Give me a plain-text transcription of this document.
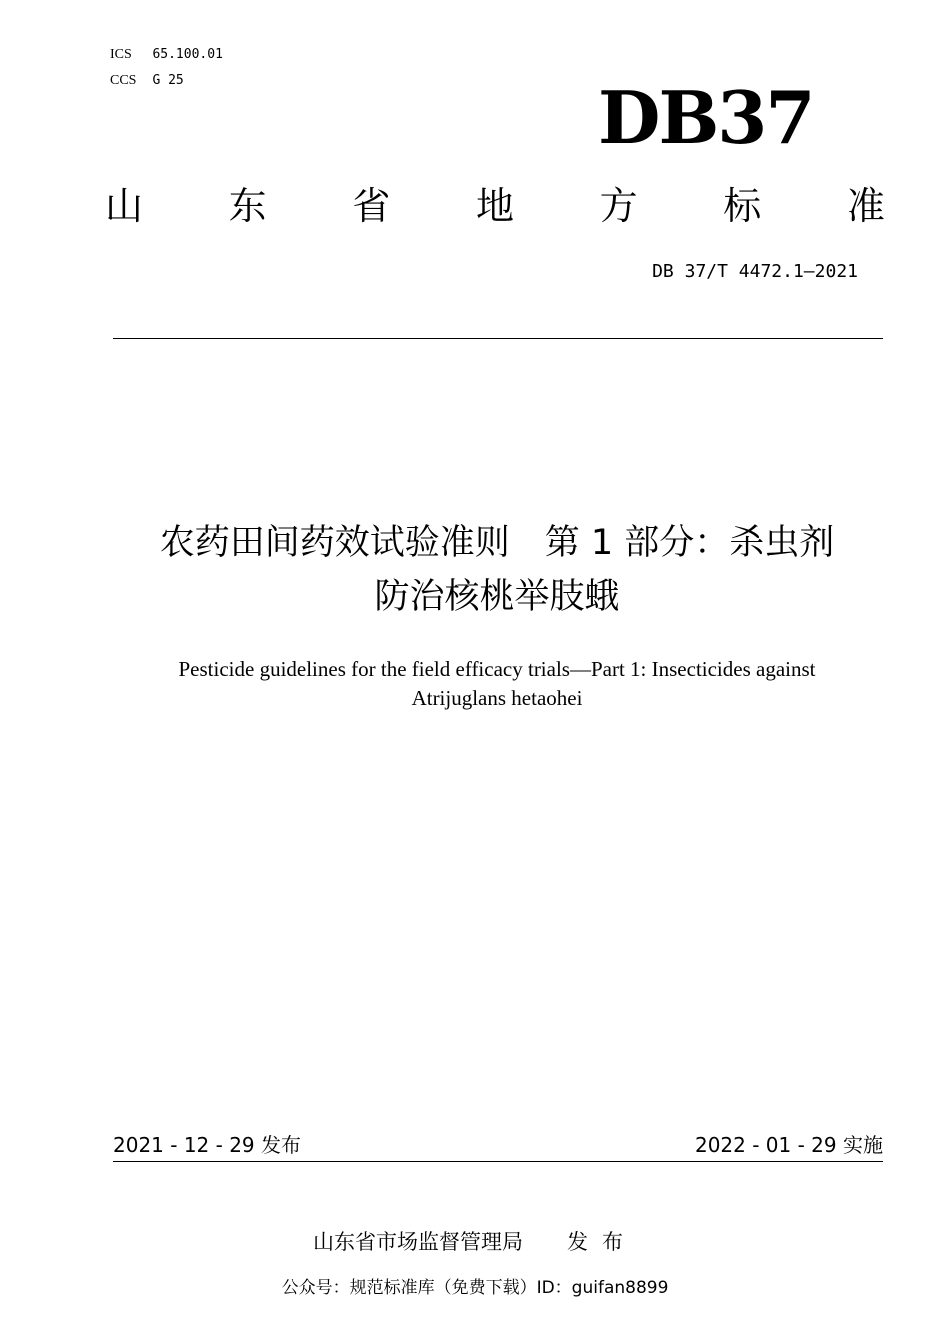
ICS 65.100.01
CCS G 25	DB37
山 东 省 地 方 标 准
DB 37/T 4472.1—2021
农药田间药效试验准则　第 1 部分：杀虫剂
防治核桃举肢蛾
Pesticide guidelines for the field efficacy trials—Part 1: Insecticides against
Atrijuglans hetaohei
2021 - 12 - 29 发布	2022 - 01 - 29 实施
山东省市场监督管理局 发布
公众号：规范标准库（免费下载）ID：guifan8899
